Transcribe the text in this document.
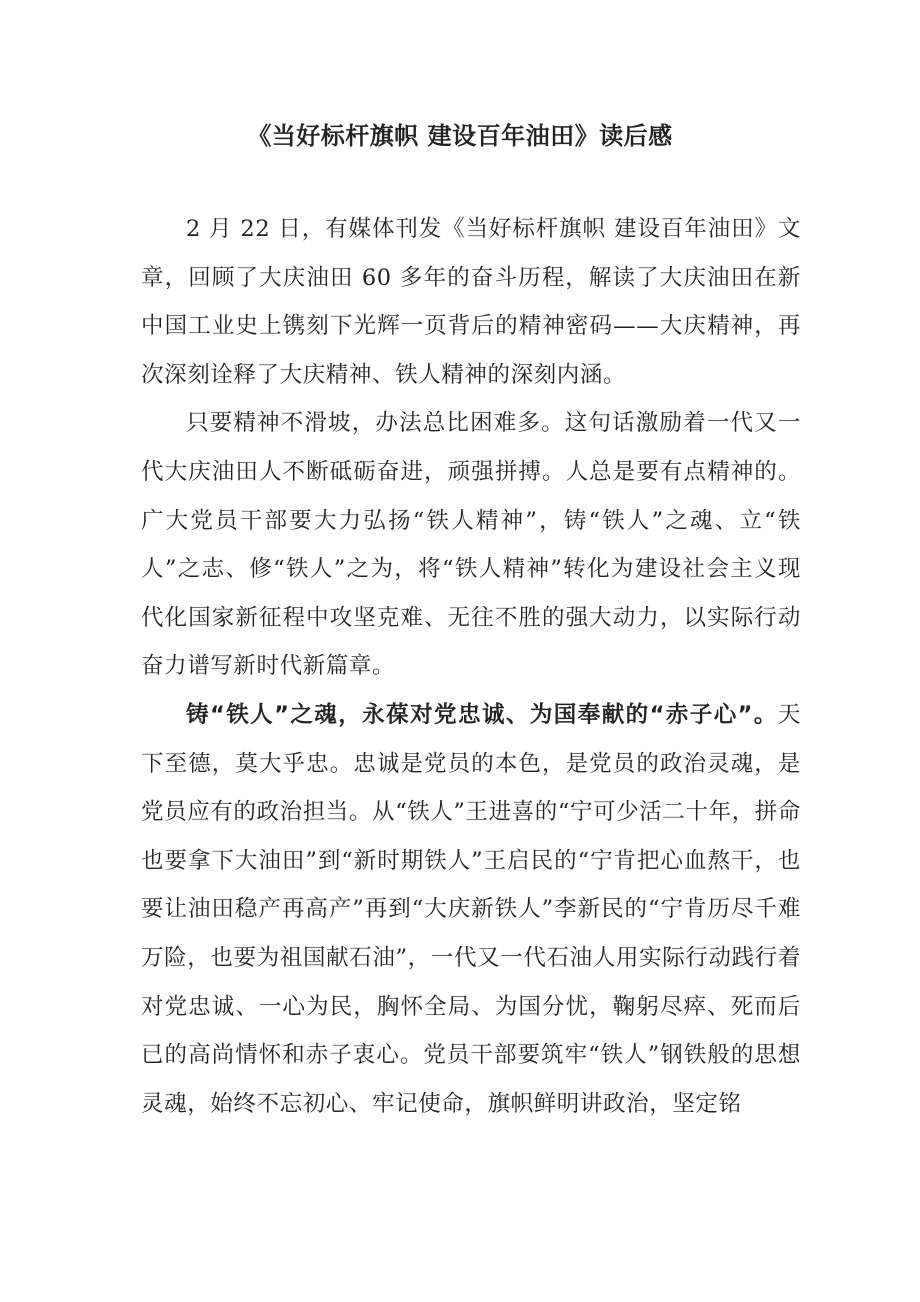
《当好标杆旗帜 建设百年油田》读后感

2 月 22 日，有媒体刊发《当好标杆旗帜 建设百年油田》文章，回顾了大庆油田 60 多年的奋斗历程，解读了大庆油田在新中国工业史上镌刻下光辉一页背后的精神密码——大庆精神，再次深刻诠释了大庆精神、铁人精神的深刻内涵。

只要精神不滑坡，办法总比困难多。这句话激励着一代又一代大庆油田人不断砥砺奋进，顽强拼搏。人总是要有点精神的。广大党员干部要大力弘扬“铁人精神”，铸“铁人”之魂、立“铁人”之志、修“铁人”之为，将“铁人精神”转化为建设社会主义现代化国家新征程中攻坚克难、无往不胜的强大动力，以实际行动奋力谱写新时代新篇章。

铸“铁人”之魂，永葆对党忠诚、为国奉献的“赤子心”。天下至德，莫大乎忠。忠诚是党员的本色，是党员的政治灵魂，是党员应有的政治担当。从“铁人”王进喜的“宁可少活二十年，拼命也要拿下大油田”到“新时期铁人”王启民的“宁肯把心血熬干，也要让油田稳产再高产”再到“大庆新铁人”李新民的“宁肯历尽千难万险，也要为祖国献石油”，一代又一代石油人用实际行动践行着对党忠诚、一心为民，胸怀全局、为国分忧，鞠躬尽瘁、死而后已的高尚情怀和赤子衷心。党员干部要筑牢“铁人”钢铁般的思想灵魂，始终不忘初心、牢记使命，旗帜鲜明讲政治，坚定铭
